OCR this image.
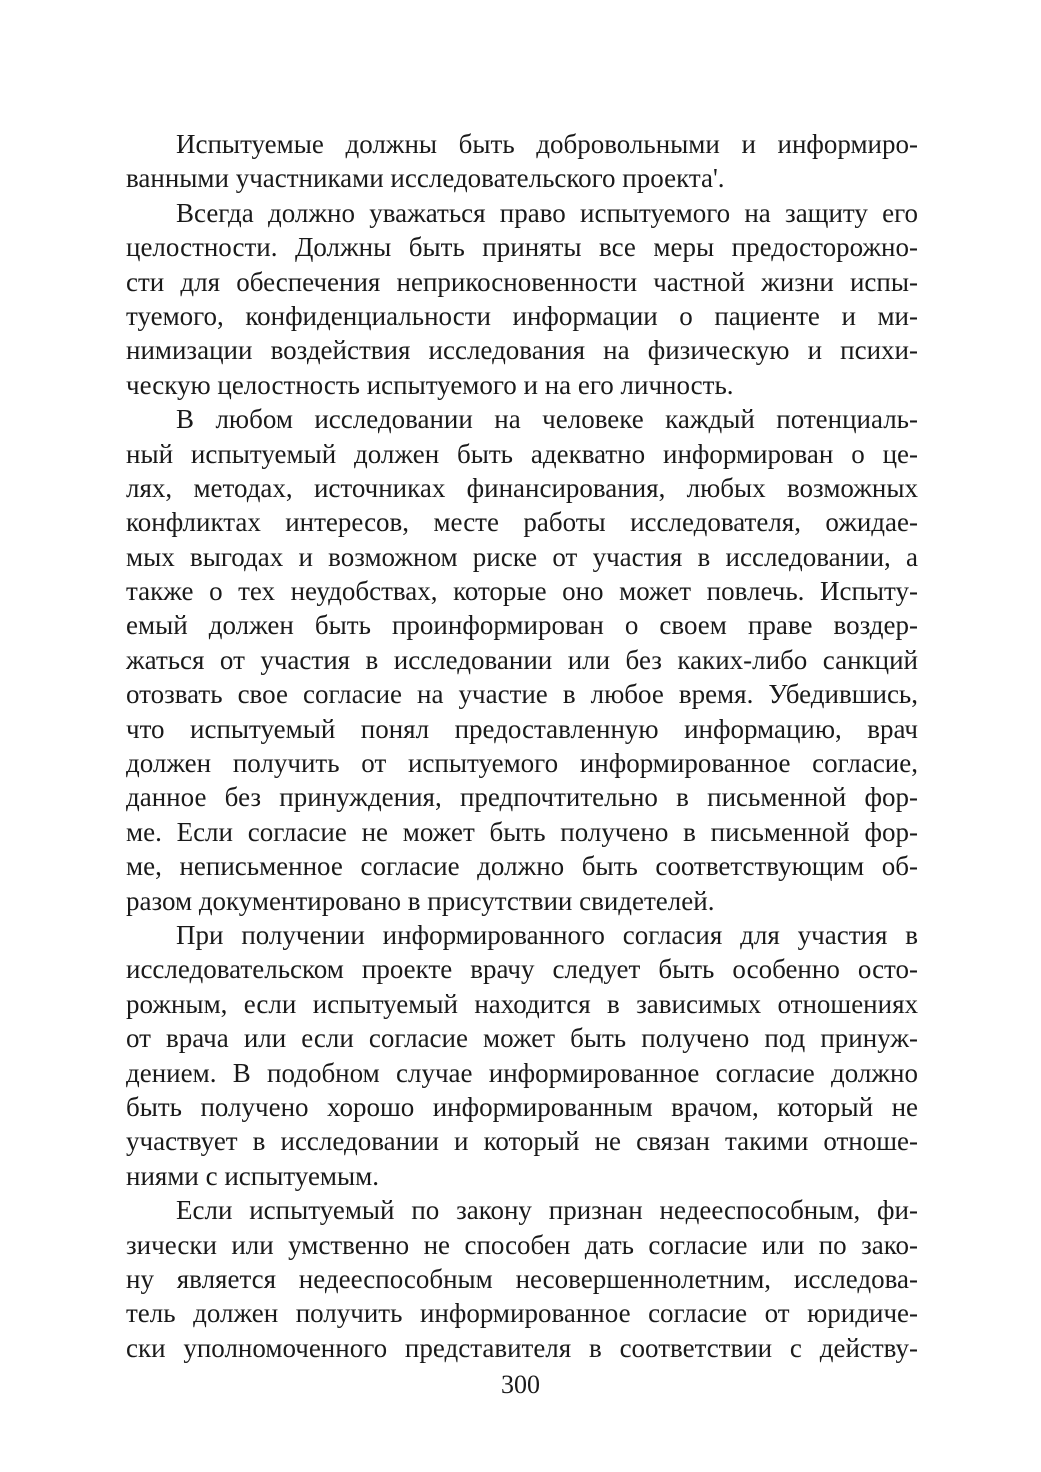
Испытуемые должны быть добровольными и информиро-
ванными участниками исследовательского проекта'.
Всегда должно уважаться право испытуемого на защиту его
целостности. Должны быть приняты все меры предосторожно-
сти для обеспечения неприкосновенности частной жизни испы-
туемого, конфиденциальности информации о пациенте и ми-
нимизации воздействия исследования на физическую и психи-
ческую целостность испытуемого и на его личность.
В любом исследовании на человеке каждый потенциаль-
ный испытуемый должен быть адекватно информирован о це-
лях, методах, источниках финансирования, любых возможных
конфликтах интересов, месте работы исследователя, ожидае-
мых выгодах и возможном риске от участия в исследовании, а
также о тех неудобствах, которые оно может повлечь. Испыту-
емый должен быть проинформирован о своем праве воздер-
жаться от участия в исследовании или без каких-либо санкций
отозвать свое согласие на участие в любое время. Убедившись,
что испытуемый понял предоставленную информацию, врач
должен получить от испытуемого информированное согласие,
данное без принуждения, предпочтительно в письменной фор-
ме. Если согласие не может быть получено в письменной фор-
ме, неписьменное согласие должно быть соответствующим об-
разом документировано в присутствии свидетелей.
При получении информированного согласия для участия в
исследовательском проекте врачу следует быть особенно осто-
рожным, если испытуемый находится в зависимых отношениях
от врача или если согласие может быть получено под принуж-
дением. В подобном случае информированное согласие должно
быть получено хорошо информированным врачом, который не
участвует в исследовании и который не связан такими отноше-
ниями с испытуемым.
Если испытуемый по закону признан недееспособным, фи-
зически или умственно не способен дать согласие или по зако-
ну является недееспособным несовершеннолетним, исследова-
тель должен получить информированное согласие от юридиче-
ски уполномоченного представителя в соответствии с действу-
300
